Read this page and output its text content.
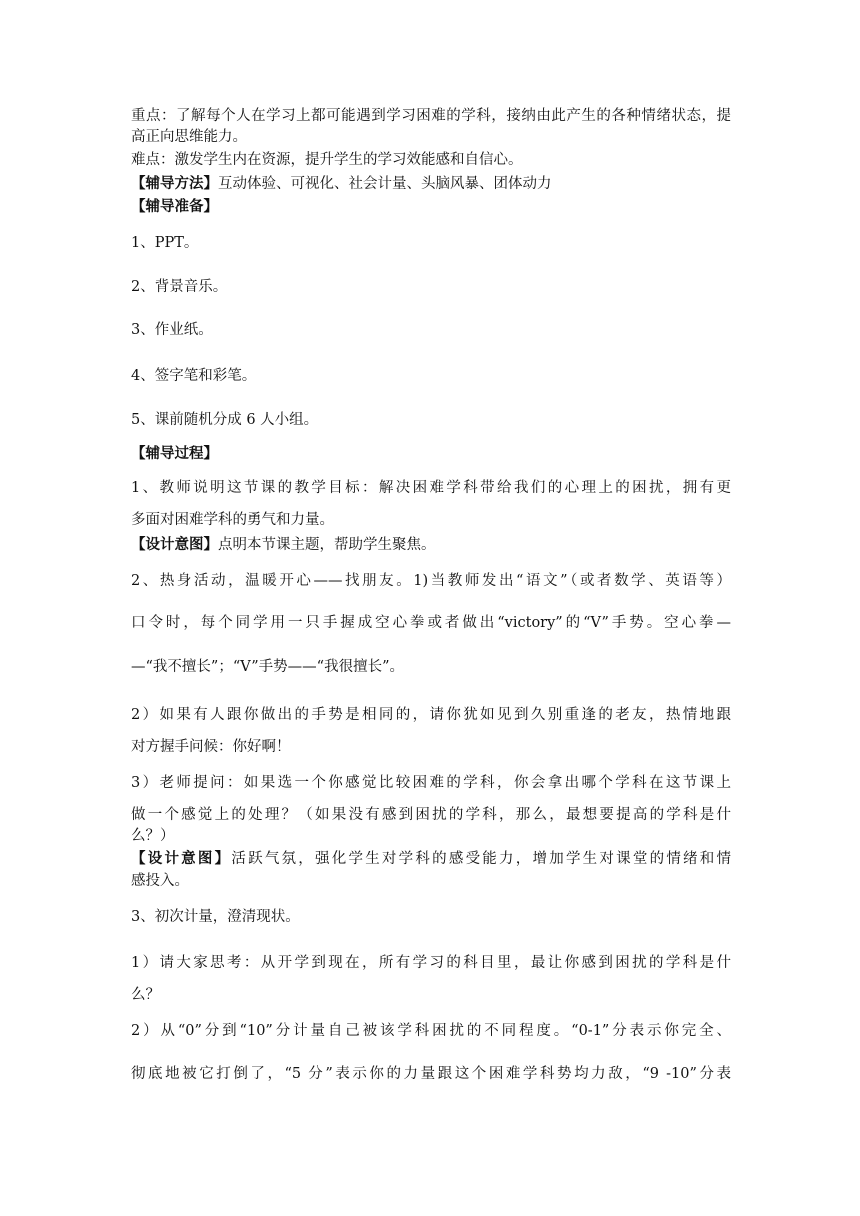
重点：了解每个人在学习上都可能遇到学习困难的学科，接纳由此产生的各种情绪状态，提
高正向思维能力。
难点：激发学生内在资源，提升学生的学习效能感和自信心。
【辅导方法】互动体验、可视化、社会计量、头脑风暴、团体动力
【辅导准备】
1、PPT。
2、背景音乐。
3、作业纸。
4、签字笔和彩笔。
5、课前随机分成 6 人小组。
【辅导过程】
1、教师说明这节课的教学目标：解决困难学科带给我们的心理上的困扰，拥有更
多面对困难学科的勇气和力量。
【设计意图】点明本节课主题，帮助学生聚焦。
2、热身活动，温暖开心——找朋友。1)当教师发出“语文”（或者数学、英语等）
口令时，每个同学用一只手握成空心拳或者做出“victory”的“V”手势。空心拳—
—“我不擅长”；“V”手势——“我很擅长”。
2）如果有人跟你做出的手势是相同的，请你犹如见到久别重逢的老友，热情地跟
对方握手问候：你好啊！
3）老师提问：如果选一个你感觉比较困难的学科，你会拿出哪个学科在这节课上
做一个感觉上的处理？（如果没有感到困扰的学科，那么，最想要提高的学科是什
么？）
【设计意图】活跃气氛，强化学生对学科的感受能力，增加学生对课堂的情绪和情
感投入。
3、初次计量，澄清现状。
1）请大家思考：从开学到现在，所有学习的科目里，最让你感到困扰的学科是什
么？
2）从“0”分到“10”分计量自己被该学科困扰的不同程度。“0-1”分表示你完全、
彻底地被它打倒了，“5 分”表示你的力量跟这个困难学科势均力敌，“9 -10”分表
